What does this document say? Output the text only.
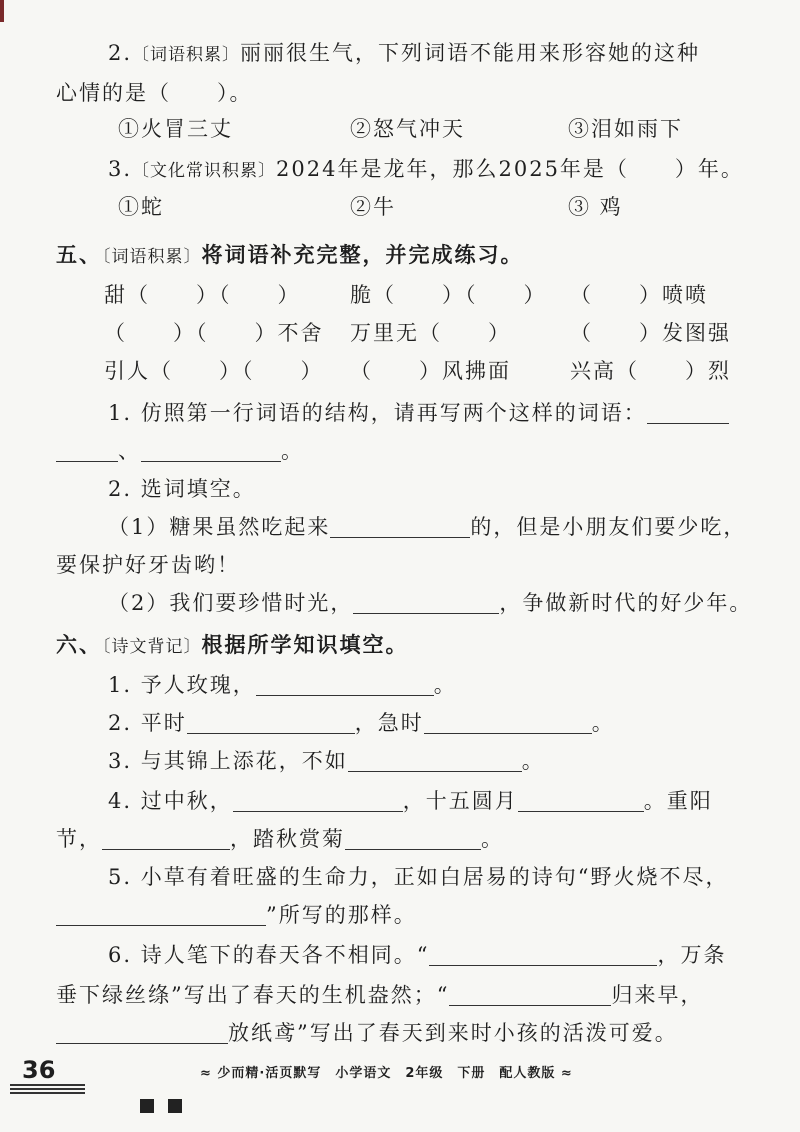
2.〔词语积累〕丽丽很生气，下列词语不能用来形容她的这种
心情的是（　　）。
①火冒三丈	②怒气冲天	③泪如雨下
3.〔文化常识积累〕2024年是龙年，那么2025年是（　　）年。
①蛇	②牛	③ 鸡
五、〔词语积累〕将词语补充完整，并完成练习。
甜（　　）（　　） 脆（　　）（　　） （　　）喷喷
（　　）（　　）不舍 万里无（　　）	（　　）发图强
引人（　　）（　　） （　　）风拂面	兴高（　　）烈
1. 仿照第一行词语的结构，请再写两个这样的词语：
、	。
2. 选词填空。
（1）糖果虽然吃起来	的，但是小朋友们要少吃，
要保护好牙齿哟！
（2）我们要珍惜时光，	，争做新时代的好少年。
六、〔诗文背记〕根据所学知识填空。
1. 予人玫瑰，	。
2. 平时	，急时	。
3. 与其锦上添花，不如	。
4. 过中秋，	，十五圆月	。重阳
节，	，踏秋赏菊	。
5. 小草有着旺盛的生命力，正如白居易的诗句“野火烧不尽，
”所写的那样。
6. 诗人笔下的春天各不相同。“	，万条
垂下绿丝绦”写出了春天的生机盎然；“	归来早，
放纸鸢”写出了春天到来时小孩的活泼可爱。
36	≈ 少而精·活页默写　小学语文　2年级　下册　配人教版 ≈
